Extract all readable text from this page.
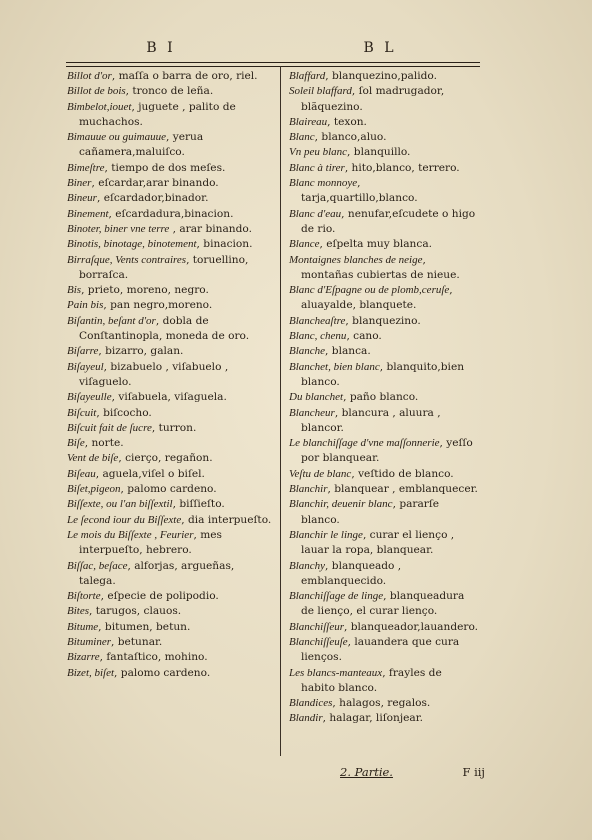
B I	B L

Billot d'or, maſſa o barra de oro, riel.

Billot de bois, tronco de leña.

Bimbelot,iouet, juguete , palito de muchachos.

Bimauue ou guimauue, yerua cañamera,maluiſco.

Bimeſtre, tiempo de dos meſes.

Biner, eſcardar,arar binando.

Bineur, eſcardador,binador.

Binement, eſcardadura,binacion.

Binoter, biner vne terre , arar binando.

Binotis, binotage, binotement, binacion.

Birraſque, Vents contraires, toruellino, borraſca.

Bis, prieto, moreno, negro.

Pain bis, pan negro,moreno.

Biſantin, beſant d'or, dobla de Conſtantinopla, moneda de oro.

Biſarre, bizarro, galan.

Biſayeul, bizabuelo , viſabuelo , viſaguelo.

Biſayeulle, viſabuela, viſaguela.

Biſcuit, biſcocho.

Biſcuit fait de ſucre, turron.

Biſe, norte.

Vent de biſe, cierço, regañon.

Biſeau, aguela,viſel o biſel.

Biſet,pigeon, palomo cardeno.

Biſſexte, ou l'an biſſextil, biſſieſto.

Le ſecond iour du Biſſexte, dia interpueſto.

Le mois du Biſſexte , Feurier, mes interpueſto, hebrero.

Biſſac, beſace, alforjas, argueñas, talega.

Biſtorte, eſpecie de polipodio.

Bites, tarugos, clauos.

Bitume, bitumen, betun.

Bituminer, betunar.

Bizarre, fantaſtico, mohino.

Bizet, biſet, palomo cardeno.

Blaffard, blanquezino,palido.

Soleil blaffard, ſol madrugador, blãquezino.

Blaireau, texon.

Blanc, blanco,aluo.

Vn peu blanc, blanquillo.

Blanc à tirer, hito,blanco, terrero.

Blanc monnoye, tarja,quartillo,blanco.

Blanc d'eau, nenufar,eſcudete o higo de rio.

Blance, eſpelta muy blanca.

Montaignes blanches de neige, montañas cubiertas de nieue.

Blanc d'Eſpagne ou de plomb,ceruſe, aluayalde, blanquete.

Blancheaſtre, blanquezino.

Blanc, chenu, cano.

Blanche, blanca.

Blanchet, bien blanc, blanquito,bien blanco.

Du blanchet, paño blanco.

Blancheur, blancura , aluura , blancor.

Le blanchiſſage d'vne maſſonnerie, yeſſo por blanquear.

Veſtu de blanc, veſtido de blanco.

Blanchir, blanquear , emblanquecer.

Blanchir, deuenir blanc, pararſe blanco.

Blanchir le linge, curar el lienço , lauar la ropa, blanquear.

Blanchy, blanqueado , emblanquecido.

Blanchiſſage de linge, blanqueadura de lienço, el curar lienço.

Blanchiſſeur, blanqueador,lauandero.

Blanchiſſeuſe, lauandera que cura lienços.

Les blancs-manteaux, frayles de habito blanco.

Blandices, halagos, regalos.

Blandir, halagar, liſonjear.

2. Partie.	F iij
